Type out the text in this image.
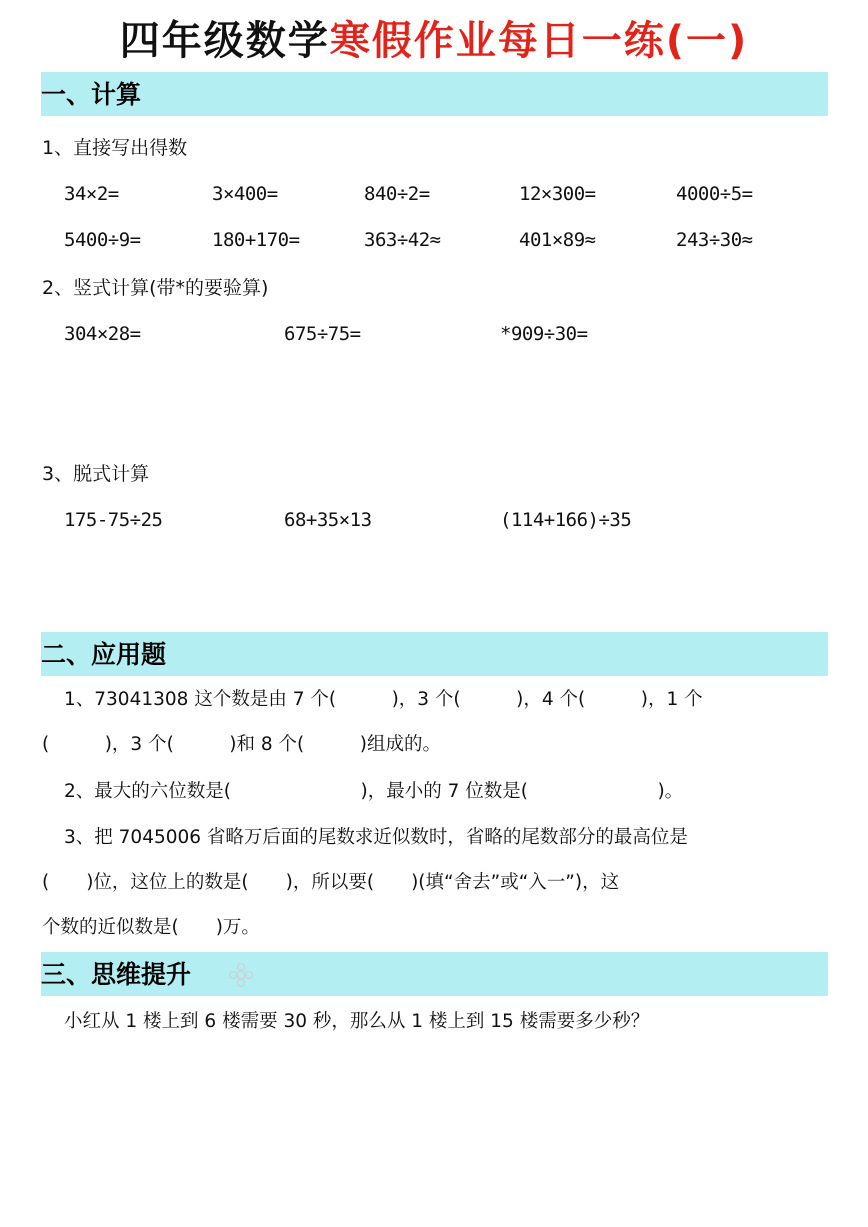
四年级数学寒假作业每日一练(一)
一、计算
1、直接写出得数
34×2=	3×400=	840÷2=	12×300=	4000÷5=
5400÷9=	180+170=	363÷42≈	401×89≈	243÷30≈
2、竖式计算(带*的要验算)
304×28=	675÷75=	*909÷30=
3、脱式计算
175-75÷25	68+35×13	(114+166)÷35
二、应用题
1、73041308 这个数是由 7 个(　　　)，3 个(　　　)，4 个(　　　)，1 个
(　　　)，3 个(　　　)和 8 个(　　　)组成的。
2、最大的六位数是(　　　　　　　)，最小的 7 位数是(　　　　　　　)。
3、把 7045006 省略万后面的尾数求近似数时，省略的尾数部分的最高位是
(　　)位，这位上的数是(　　)，所以要(　　)(填“舍去”或“入一”)，这
个数的近似数是(　　)万。
三、思维提升
小红从 1 楼上到 6 楼需要 30 秒，那么从 1 楼上到 15 楼需要多少秒？
